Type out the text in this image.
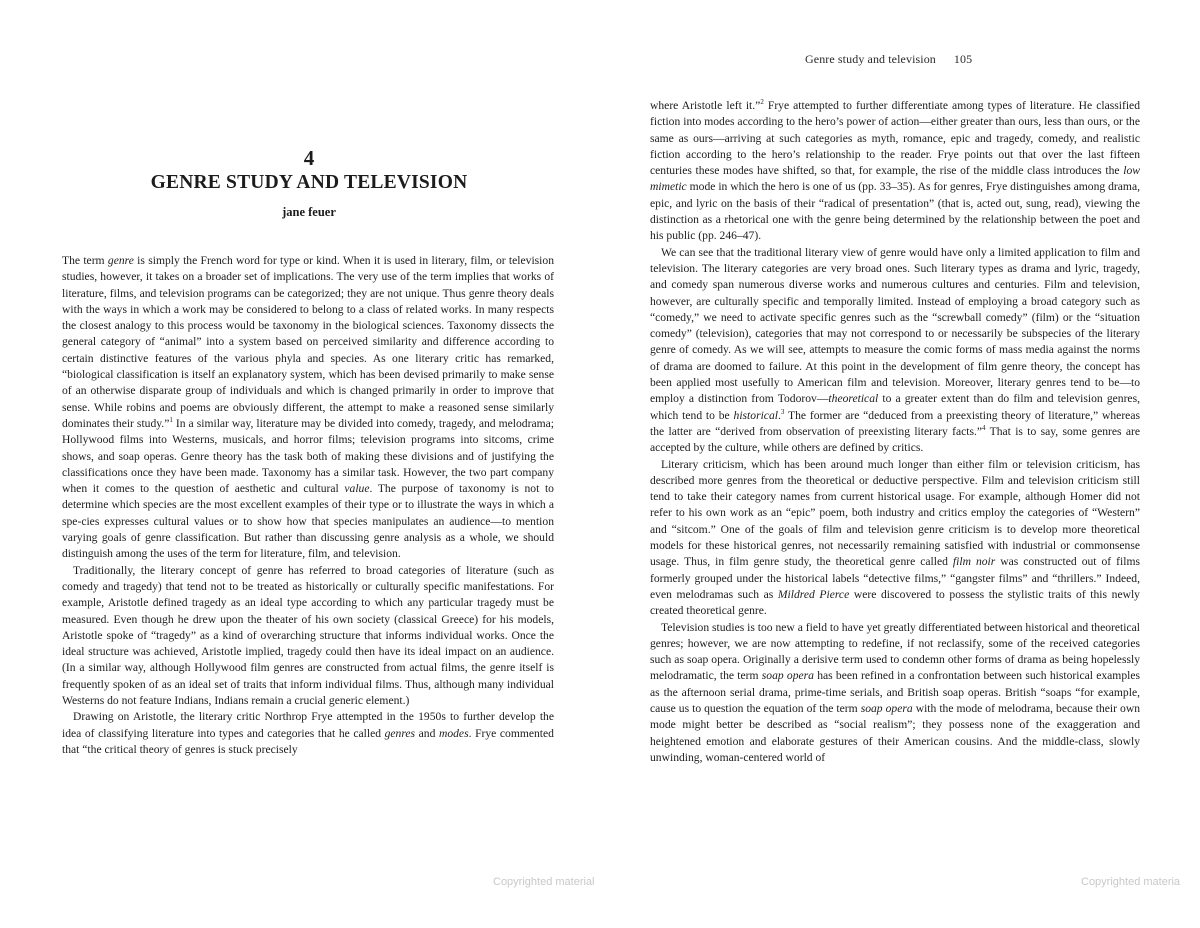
4
GENRE STUDY AND TELEVISION
jane feuer

The term genre is simply the French word for type or kind. When it is used in literary, film, or television studies, however, it takes on a broader set of implications. The very use of the term implies that works of literature, films, and television programs can be categorized; they are not unique. Thus genre theory deals with the ways in which a work may be considered to belong to a class of related works. In many respects the closest analogy to this process would be taxonomy in the biological sciences. Taxonomy dissects the general category of “animal” into a system based on perceived similarity and difference according to certain distinctive features of the various phyla and species. As one literary critic has remarked, “biological classification is itself an explanatory system, which has been devised primarily to make sense of an otherwise disparate group of individuals and which is changed primarily in order to improve that sense. While robins and poems are obviously different, the attempt to make a reasoned sense similarly dominates their study.”$^1$ In a similar way, literature may be divided into comedy, tragedy, and melodrama; Hollywood films into Westerns, musicals, and horror films; television programs into sitcoms, crime shows, and soap operas. Genre theory has the task both of making these divisions and of justifying the classifications once they have been made. Taxonomy has a similar task. However, the two part company when it comes to the question of aesthetic and cultural value. The purpose of taxonomy is not to determine which species are the most excellent examples of their type or to illustrate the ways in which a spe-cies expresses cultural values or to show how that species manipulates an audience—to mention varying goals of genre classification. But rather than discussing genre analysis as a whole, we should distinguish among the uses of the term for literature, film, and television.

Traditionally, the literary concept of genre has referred to broad categories of literature (such as comedy and tragedy) that tend not to be treated as historically or culturally specific manifestations. For example, Aristotle defined tragedy as an ideal type according to which any particular tragedy must be measured. Even though he drew upon the theater of his own society (classical Greece) for his models, Aristotle spoke of “tragedy” as a kind of overarching structure that informs individual works. Once the ideal structure was achieved, Aristotle implied, tragedy could then have its ideal impact on an audience. (In a similar way, although Hollywood film genres are constructed from actual films, the genre itself is frequently spoken of as an ideal set of traits that inform individual films. Thus, although many individual Westerns do not feature Indians, Indians remain a crucial generic element.)

Drawing on Aristotle, the literary critic Northrop Frye attempted in the 1950s to further develop the idea of classifying literature into types and categories that he called genres and modes. Frye commented that “the critical theory of genres is stuck precisely

Copyrighted material
Genre study and television 105

where Aristotle left it.”$^2$ Frye attempted to further differentiate among types of literature. He classified fiction into modes according to the hero’s power of action—either greater than ours, less than ours, or the same as ours—arriving at such categories as myth, romance, epic and tragedy, comedy, and realistic fiction according to the hero’s relationship to the reader. Frye points out that over the last fifteen centuries these modes have shifted, so that, for example, the rise of the middle class introduces the low mimetic mode in which the hero is one of us (pp. 33–35). As for genres, Frye distinguishes among drama, epic, and lyric on the basis of their “radical of presentation” (that is, acted out, sung, read), viewing the distinction as a rhetorical one with the genre being determined by the relationship between the poet and his public (pp. 246–47).

We can see that the traditional literary view of genre would have only a limited application to film and television. The literary categories are very broad ones. Such literary types as drama and lyric, tragedy, and comedy span numerous diverse works and numerous cultures and centuries. Film and television, however, are culturally specific and temporally limited. Instead of employing a broad category such as “comedy,” we need to activate specific genres such as the “screwball comedy” (film) or the “situation comedy” (television), categories that may not correspond to or necessarily be subspecies of the literary genre of comedy. As we will see, attempts to measure the comic forms of mass media against the norms of drama are doomed to failure. At this point in the development of film genre theory, the concept has been applied most usefully to American film and television. Moreover, literary genres tend to be—to employ a distinction from Todorov—theoretical to a greater extent than do film and television genres, which tend to be historical.$^3$ The former are “deduced from a preexisting theory of literature,” whereas the latter are “derived from observation of preexisting literary facts.”$^4$ That is to say, some genres are accepted by the culture, while others are defined by critics.

Literary criticism, which has been around much longer than either film or television criticism, has described more genres from the theoretical or deductive perspective. Film and television criticism still tend to take their category names from current historical usage. For example, although Homer did not refer to his own work as an “epic” poem, both industry and critics employ the categories of “Western” and “sitcom.” One of the goals of film and television genre criticism is to develop more theoretical models for these historical genres, not necessarily remaining satisfied with industrial or commonsense usage. Thus, in film genre study, the theoretical genre called film noir was constructed out of films formerly grouped under the historical labels “detective films,” “gangster films” and “thrillers.” Indeed, even melodramas such as Mildred Pierce were discovered to possess the stylistic traits of this newly created theoretical genre.

Television studies is too new a field to have yet greatly differentiated between historical and theoretical genres; however, we are now attempting to redefine, if not reclassify, some of the received categories such as soap opera. Originally a derisive term used to condemn other forms of drama as being hopelessly melodramatic, the term soap opera has been refined in a confrontation between such historical examples as the afternoon serial drama, prime-time serials, and British soap operas. British “soaps “for example, cause us to question the equation of the term soap opera with the mode of melodrama, because their own mode might better be described as “social realism”; they possess none of the exaggeration and heightened emotion and elaborate gestures of their American cousins. And the middle-class, slowly unwinding, woman-centered world of

Copyrighted materia
